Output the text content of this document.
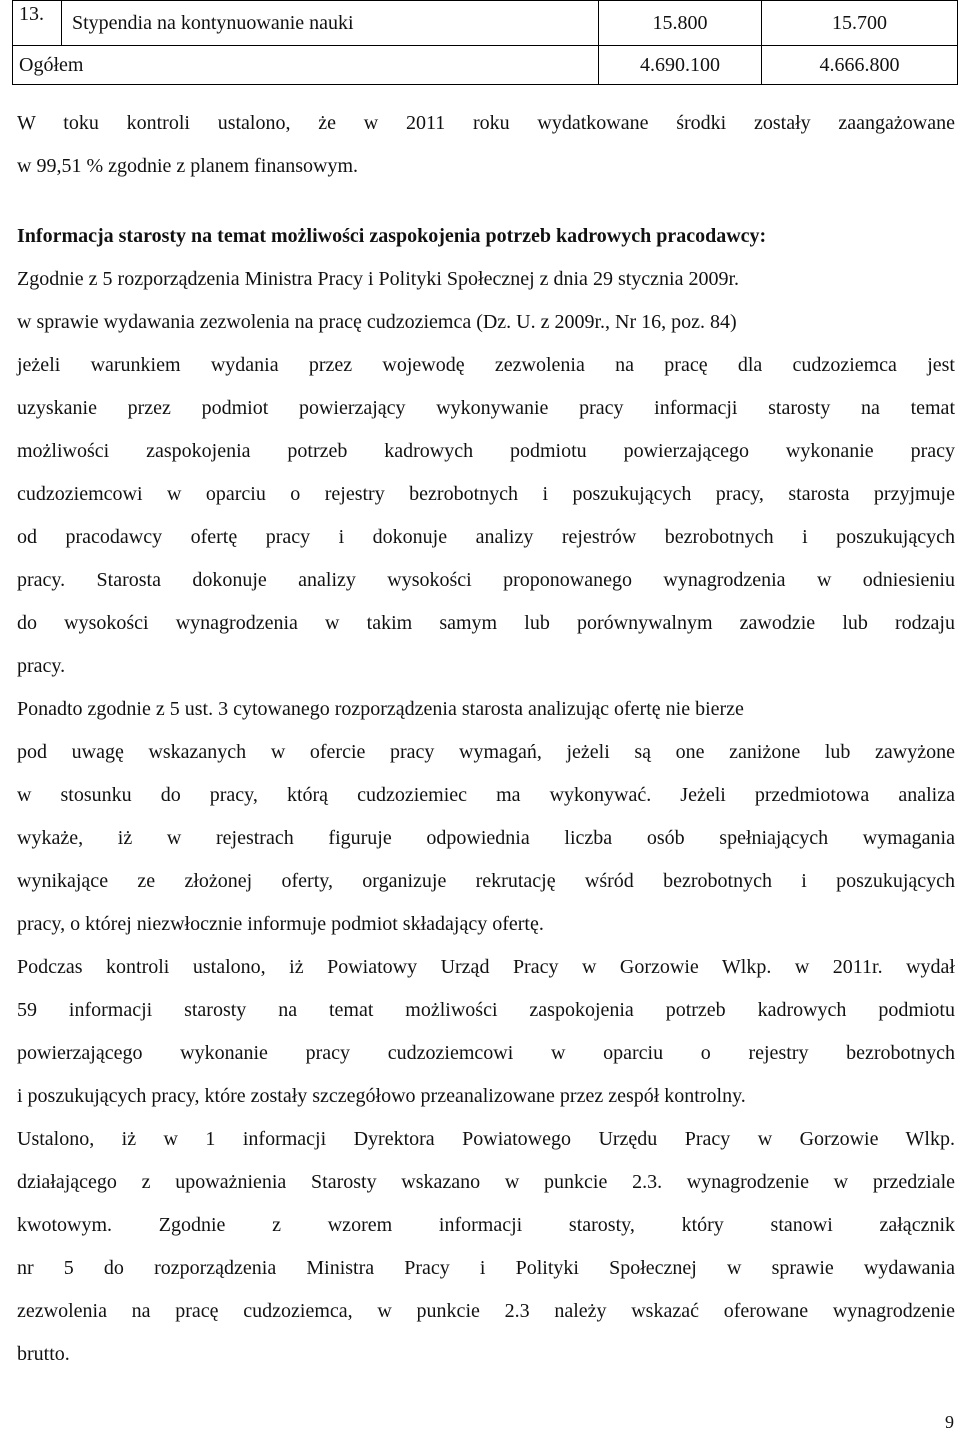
13.	Stypendia na kontynuowanie nauki	15.800	15.700
Ogółem		4.690.100	4.666.800
W toku kontroli ustalono, że w 2011 roku wydatkowane środki zostały zaangażowane
w 99,51 % zgodnie z planem finansowym.
Informacja starosty na temat możliwości zaspokojenia potrzeb kadrowych pracodawcy:
Zgodnie z 5 rozporządzenia Ministra Pracy i Polityki Społecznej z dnia 29 stycznia 2009r.
w sprawie wydawania zezwolenia na pracę cudzoziemca (Dz. U. z 2009r., Nr 16, poz. 84)
jeżeli warunkiem wydania przez wojewodę zezwolenia na pracę dla cudzoziemca jest
uzyskanie przez podmiot powierzający wykonywanie pracy informacji starosty na temat
możliwości zaspokojenia potrzeb kadrowych podmiotu powierzającego wykonanie pracy
cudzoziemcowi w oparciu o rejestry bezrobotnych i poszukujących pracy, starosta przyjmuje
od pracodawcy ofertę pracy i dokonuje analizy rejestrów bezrobotnych i poszukujących
pracy. Starosta dokonuje analizy wysokości proponowanego wynagrodzenia w odniesieniu
do wysokości wynagrodzenia w takim samym lub porównywalnym zawodzie lub rodzaju
pracy.
Ponadto zgodnie z 5 ust. 3 cytowanego rozporządzenia starosta analizując ofertę nie bierze
pod uwagę wskazanych w ofercie pracy wymagań, jeżeli są one zaniżone lub zawyżone
w stosunku do pracy, którą cudzoziemiec ma wykonywać. Jeżeli przedmiotowa analiza
wykaże, iż w rejestrach figuruje odpowiednia liczba osób spełniających wymagania
wynikające ze złożonej oferty, organizuje rekrutację wśród bezrobotnych i poszukujących
pracy, o której niezwłocznie informuje podmiot składający ofertę.
Podczas kontroli ustalono, iż Powiatowy Urząd Pracy w Gorzowie Wlkp. w 2011r. wydał
59 informacji starosty na temat możliwości zaspokojenia potrzeb kadrowych podmiotu
powierzającego wykonanie pracy cudzoziemcowi w oparciu o rejestry bezrobotnych
i poszukujących pracy, które zostały szczegółowo przeanalizowane przez zespół kontrolny.
Ustalono, iż w 1 informacji Dyrektora Powiatowego Urzędu Pracy w Gorzowie Wlkp.
działającego z upoważnienia Starosty wskazano w punkcie 2.3. wynagrodzenie w przedziale
kwotowym. Zgodnie z wzorem informacji starosty, który stanowi załącznik
nr 5 do rozporządzenia Ministra Pracy i Polityki Społecznej w sprawie wydawania
zezwolenia na pracę cudzoziemca, w punkcie 2.3 należy wskazać oferowane wynagrodzenie
brutto.
9
